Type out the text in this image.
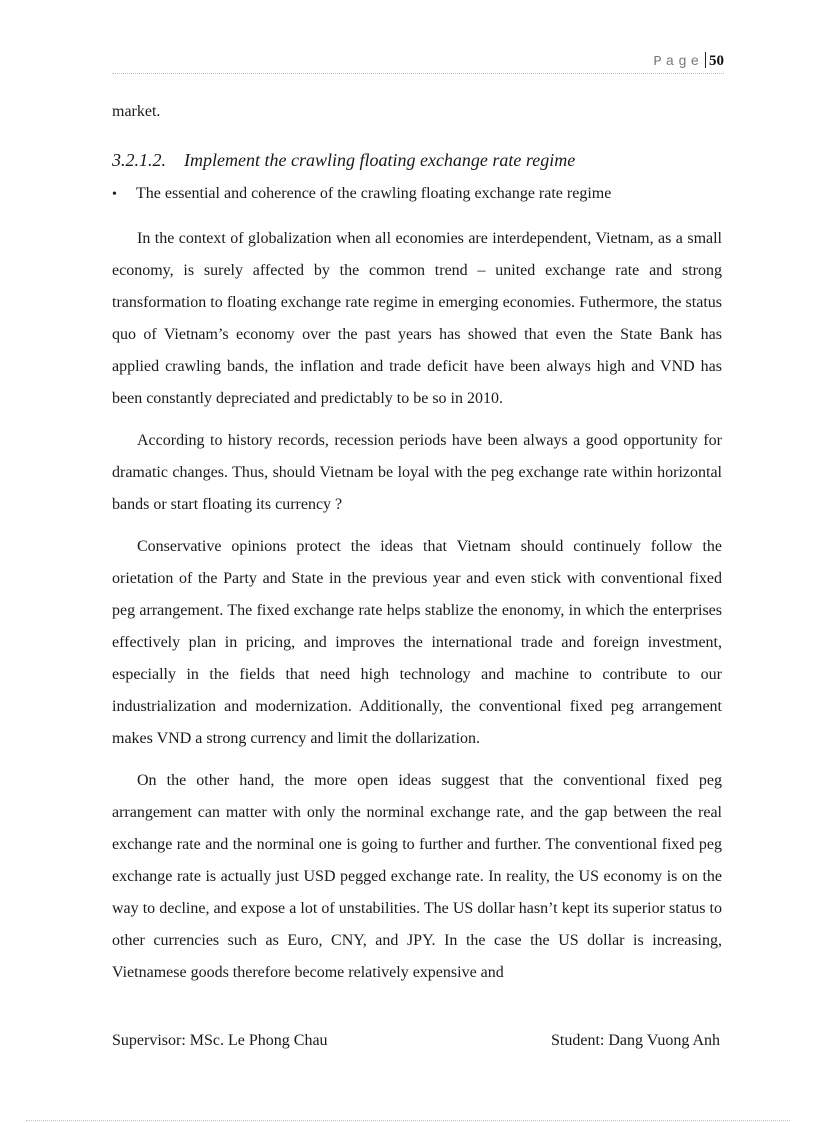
Page 50

market.

3.2.1.2. Implement the crawling floating exchange rate regime
•	The essential and coherence of the crawling floating exchange rate regime

In the context of globalization when all economies are interdependent, Vietnam, as a small economy, is surely affected by the common trend – united exchange rate and strong transformation to floating exchange rate regime in emerging economies. Futhermore, the status quo of Vietnam’s economy over the past years has showed that even the State Bank has applied crawling bands, the inflation and trade deficit have been always high and VND has been constantly depreciated and predictably to be so in 2010.

According to history records, recession periods have been always a good opportunity for dramatic changes. Thus, should Vietnam be loyal with the peg exchange rate within horizontal bands or start floating its currency ?

Conservative opinions protect the ideas that Vietnam should continuely follow the orietation of the Party and State in the previous year and even stick with conventional fixed peg arrangement. The fixed exchange rate helps stablize the enonomy, in which the enterprises effectively plan in pricing, and improves the international trade and foreign investment, especially in the fields that need high technology and machine to contribute to our industrialization and modernization. Additionally, the conventional fixed peg arrangement makes VND a strong currency and limit the dollarization.

On the other hand, the more open ideas suggest that the conventional fixed peg arrangement can matter with only the norminal exchange rate, and the gap between the real exchange rate and the norminal one is going to further and further. The conventional fixed peg exchange rate is actually just USD pegged exchange rate. In reality, the US economy is on the way to decline, and expose a lot of unstabilities. The US dollar hasn’t kept its superior status to other currencies such as Euro, CNY, and JPY. In the case the US dollar is increasing, Vietnamese goods therefore become relatively expensive and

Supervisor: MSc. Le Phong Chau	Student: Dang Vuong Anh
